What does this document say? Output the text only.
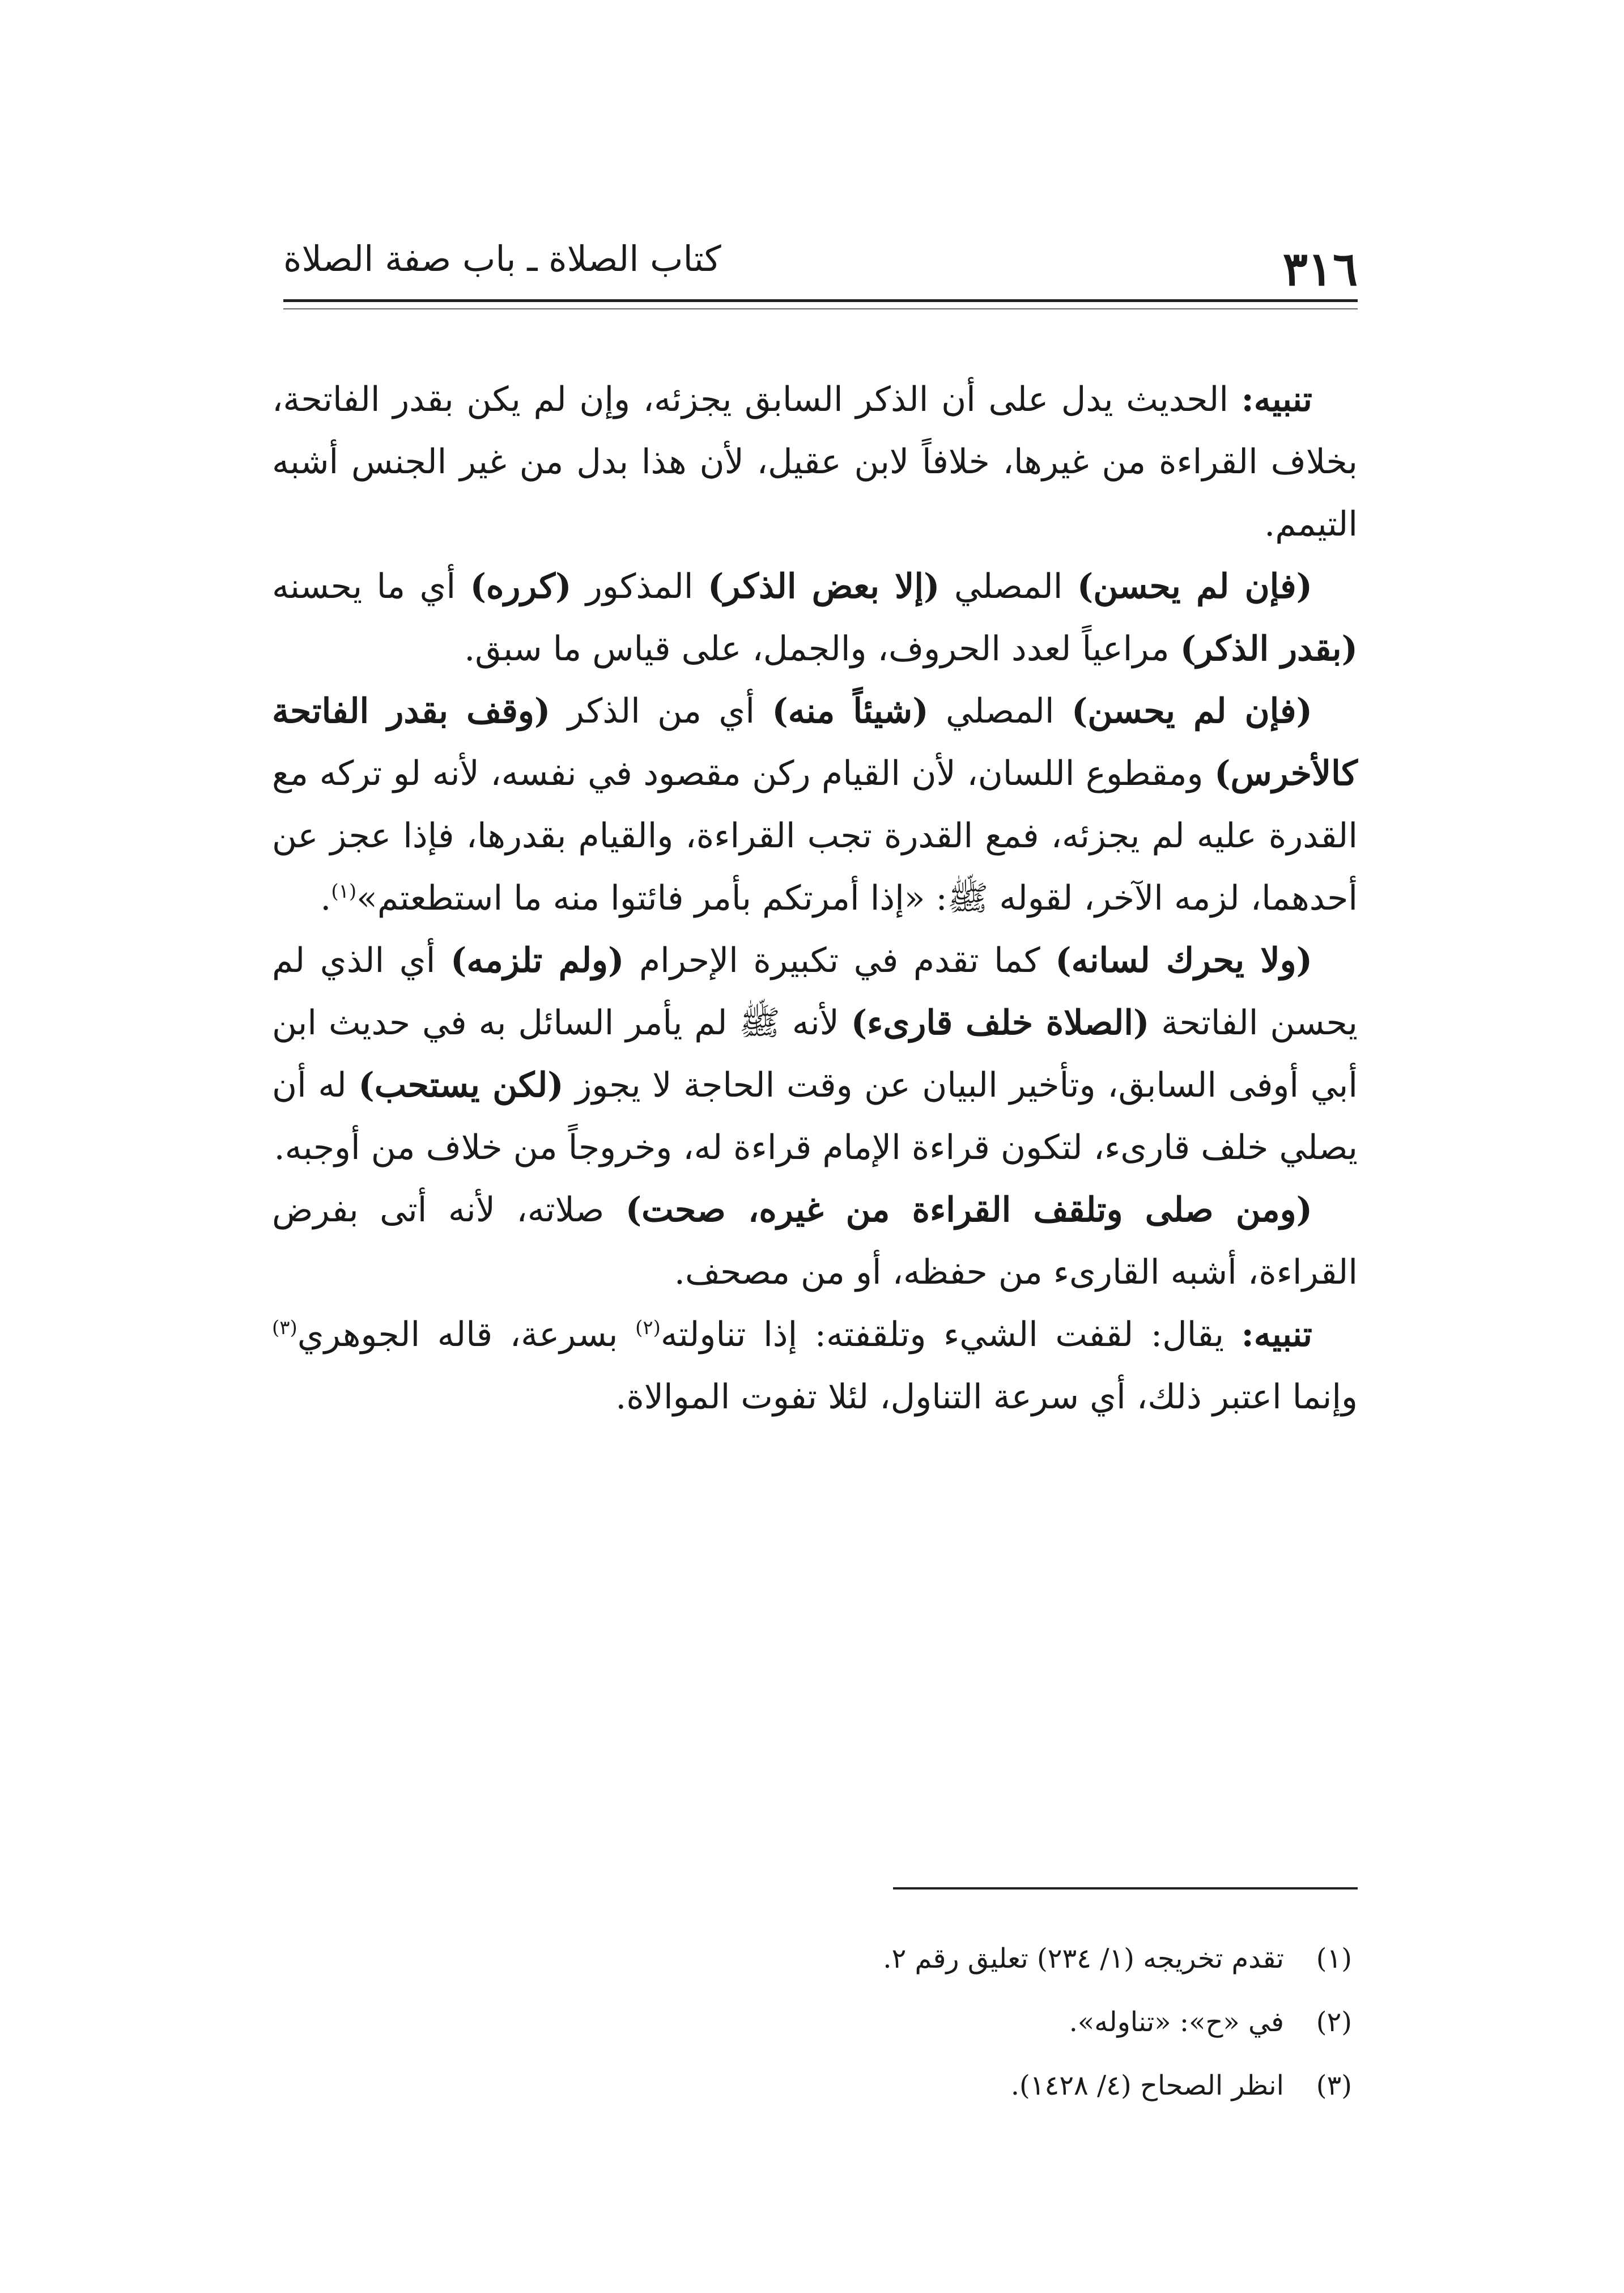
٣١٦
كتاب الصلاة ـ باب صفة الصلاة

تنبيه: الحديث يدل على أن الذكر السابق يجزئه، وإن لم يكن بقدر الفاتحة، بخلاف القراءة من غيرها، خلافاً لابن عقيل، لأن هذا بدل من غير الجنس أشبه التيمم.

(فإن لم يحسن) المصلي (إلا بعض الذكر) المذكور (كرره) أي ما يحسنه (بقدر الذكر) مراعياً لعدد الحروف، والجمل، على قياس ما سبق.

(فإن لم يحسن) المصلي (شيئاً منه) أي من الذكر (وقف بقدر الفاتحة كالأخرس) ومقطوع اللسان، لأن القيام ركن مقصود في نفسه، لأنه لو تركه مع القدرة عليه لم يجزئه، فمع القدرة تجب القراءة، والقيام بقدرها، فإذا عجز عن أحدهما، لزمه الآخر، لقوله ﷺ: «إذا أمرتكم بأمر فائتوا منه ما استطعتم»$^{(١)}$.

(ولا يحرك لسانه) كما تقدم في تكبيرة الإحرام (ولم تلزمه) أي الذي لم يحسن الفاتحة (الصلاة خلف قارىء) لأنه ﷺ لم يأمر السائل به في حديث ابن أبي أوفى السابق، وتأخير البيان عن وقت الحاجة لا يجوز (لكن يستحب) له أن يصلي خلف قارىء، لتكون قراءة الإمام قراءة له، وخروجاً من خلاف من أوجبه.

(ومن صلى وتلقف القراءة من غيره، صحت) صلاته، لأنه أتى بفرض القراءة، أشبه القارىء من حفظه، أو من مصحف.

تنبيه: يقال: لقفت الشيء وتلقفته: إذا تناولته$^{(٢)}$ بسرعة، قاله الجوهري$^{(٣)}$ وإنما اعتبر ذلك، أي سرعة التناول، لئلا تفوت الموالاة.

(١)تقدم تخريجه (١/ ٢٣٤) تعليق رقم ٢.
(٢)في «ح»: «تناوله».
(٣)انظر الصحاح (٤/ ١٤٢٨).
